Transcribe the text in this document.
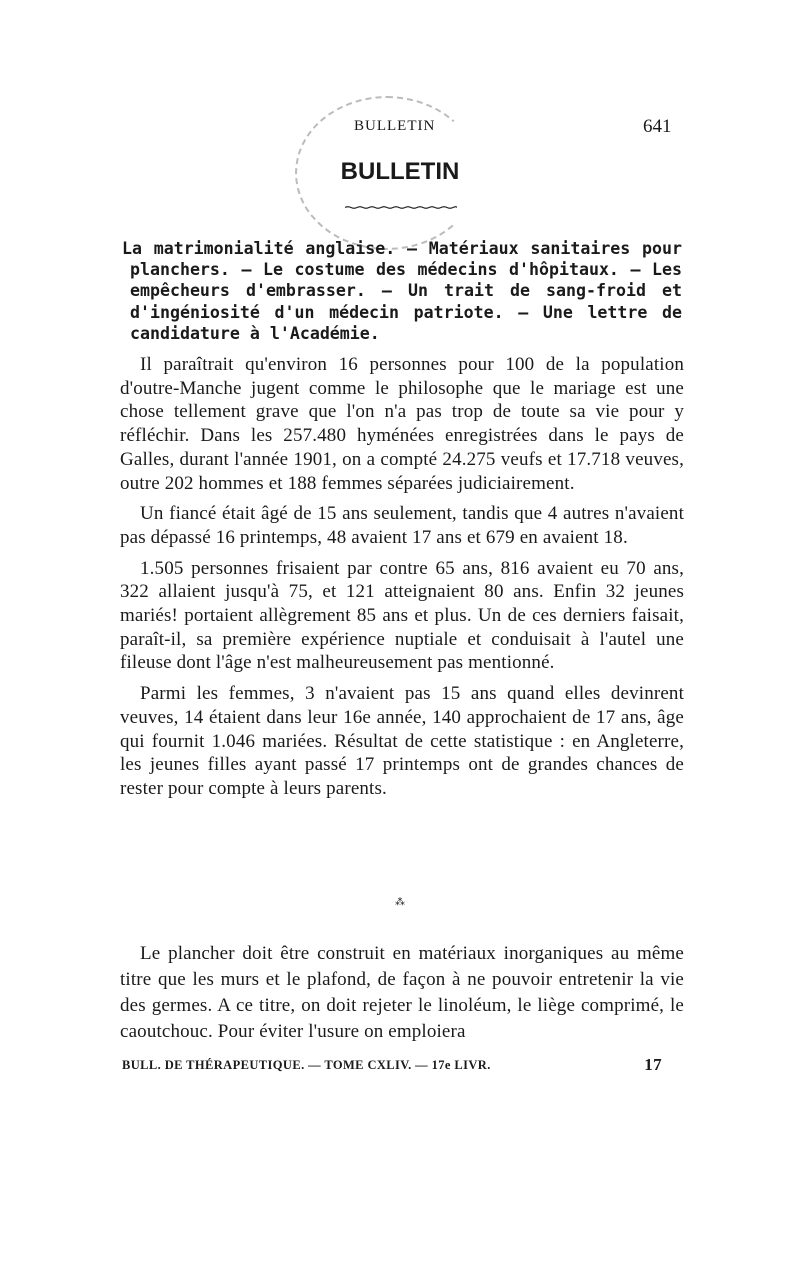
BULLETIN	641
BULLETIN
La matrimonialité anglaise. — Matériaux sanitaires pour planchers. — Le costume des médecins d'hôpitaux. — Les empêcheurs d'embrasser. — Un trait de sang-froid et d'ingéniosité d'un médecin patriote. — Une lettre de candidature à l'Académie.

Il paraîtrait qu'environ 16 personnes pour 100 de la population d'outre-Manche jugent comme le philosophe que le mariage est une chose tellement grave que l'on n'a pas trop de toute sa vie pour y réfléchir. Dans les 257.480 hyménées enregistrées dans le pays de Galles, durant l'année 1901, on a compté 24.275 veufs et 17.718 veuves, outre 202 hommes et 188 femmes séparées judiciairement.

Un fiancé était âgé de 15 ans seulement, tandis que 4 autres n'avaient pas dépassé 16 printemps, 48 avaient 17 ans et 679 en avaient 18.

1.505 personnes frisaient par contre 65 ans, 816 avaient eu 70 ans, 322 allaient jusqu'à 75, et 121 atteignaient 80 ans. Enfin 32 jeunes mariés! portaient allègrement 85 ans et plus. Un de ces derniers faisait, paraît-il, sa première expérience nuptiale et conduisait à l'autel une fileuse dont l'âge n'est malheureusement pas mentionné.

Parmi les femmes, 3 n'avaient pas 15 ans quand elles devinrent veuves, 14 étaient dans leur 16e année, 140 approchaient de 17 ans, âge qui fournit 1.046 mariées. Résultat de cette statistique : en Angleterre, les jeunes filles ayant passé 17 printemps ont de grandes chances de rester pour compte à leurs parents.

⁂

Le plancher doit être construit en matériaux inorganiques au même titre que les murs et le plafond, de façon à ne pouvoir entretenir la vie des germes. A ce titre, on doit rejeter le linoléum, le liège comprimé, le caoutchouc. Pour éviter l'usure on emploiera

BULL. DE THÉRAPEUTIQUE. — TOME CXLIV. — 17e LIVR.	17
